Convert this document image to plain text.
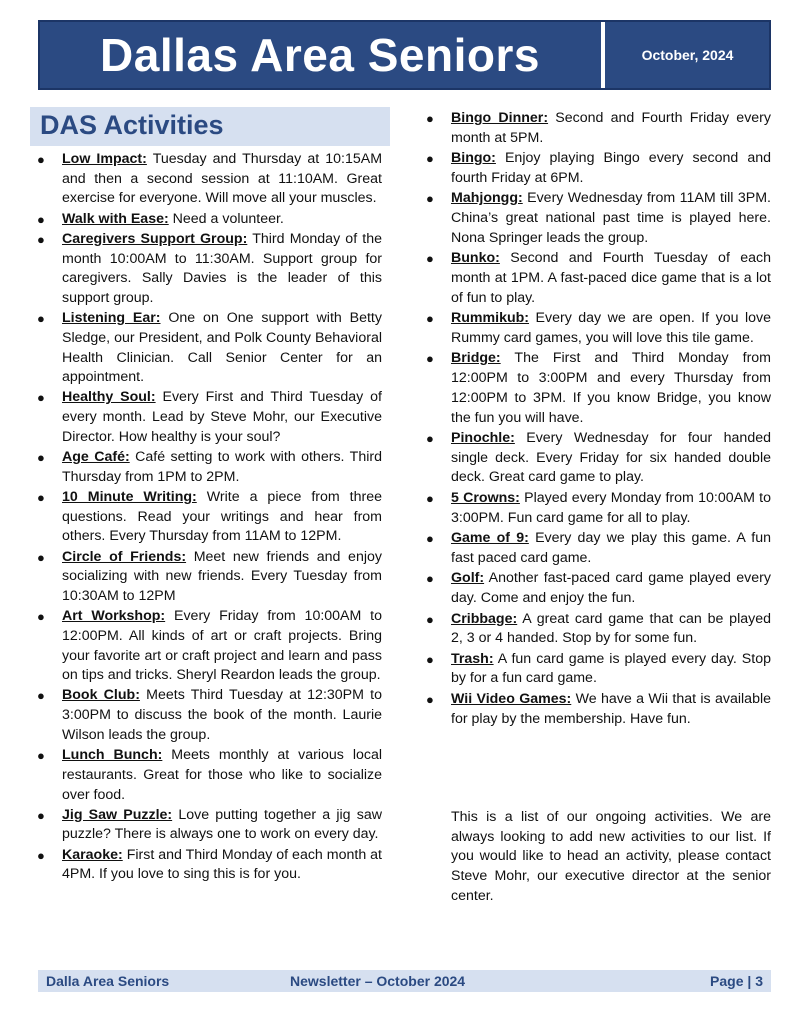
Dallas Area Seniors	October, 2024
DAS Activities
● Low Impact: Tuesday and Thursday at 10:15AM and then a second session at 11:10AM. Great exercise for everyone. Will move all your muscles.
● Walk with Ease: Need a volunteer.
● Caregivers Support Group: Third Monday of the month 10:00AM to 11:30AM. Support group for caregivers. Sally Davies is the leader of this support group.
● Listening Ear: One on One support with Betty Sledge, our President, and Polk County Behavioral Health Clinician. Call Senior Center for an appointment.
● Healthy Soul: Every First and Third Tuesday of every month. Lead by Steve Mohr, our Executive Director. How healthy is your soul?
● Age Café: Café setting to work with others. Third Thursday from 1PM to 2PM.
● 10 Minute Writing: Write a piece from three questions. Read your writings and hear from others. Every Thursday from 11AM to 12PM.
● Circle of Friends: Meet new friends and enjoy socializing with new friends. Every Tuesday from 10:30AM to 12PM
● Art Workshop: Every Friday from 10:00AM to 12:00PM. All kinds of art or craft projects. Bring your favorite art or craft project and learn and pass on tips and tricks. Sheryl Reardon leads the group.
● Book Club: Meets Third Tuesday at 12:30PM to 3:00PM to discuss the book of the month. Laurie Wilson leads the group.
● Lunch Bunch: Meets monthly at various local restaurants. Great for those who like to socialize over food.
● Jig Saw Puzzle: Love putting together a jig saw puzzle? There is always one to work on every day.
● Karaoke: First and Third Monday of each month at 4PM. If you love to sing this is for you.
● Bingo Dinner: Second and Fourth Friday every month at 5PM.
● Bingo: Enjoy playing Bingo every second and fourth Friday at 6PM.
● Mahjongg: Every Wednesday from 11AM till 3PM. China’s great national past time is played here. Nona Springer leads the group.
● Bunko: Second and Fourth Tuesday of each month at 1PM. A fast-paced dice game that is a lot of fun to play.
● Rummikub: Every day we are open. If you love Rummy card games, you will love this tile game.
● Bridge: The First and Third Monday from 12:00PM to 3:00PM and every Thursday from 12:00PM to 3PM. If you know Bridge, you know the fun you will have.
● Pinochle: Every Wednesday for four handed single deck. Every Friday for six handed double deck. Great card game to play.
● 5 Crowns: Played every Monday from 10:00AM to 3:00PM. Fun card game for all to play.
● Game of 9: Every day we play this game. A fun fast paced card game.
● Golf: Another fast-paced card game played every day. Come and enjoy the fun.
● Cribbage: A great card game that can be played 2, 3 or 4 handed. Stop by for some fun.
● Trash: A fun card game is played every day. Stop by for a fun card game.
● Wii Video Games: We have a Wii that is available for play by the membership. Have fun.

This is a list of our ongoing activities. We are always looking to add new activities to our list. If you would like to head an activity, please contact Steve Mohr, our executive director at the senior center.

Dalla Area Seniors	Newsletter – October 2024	Page | 3
